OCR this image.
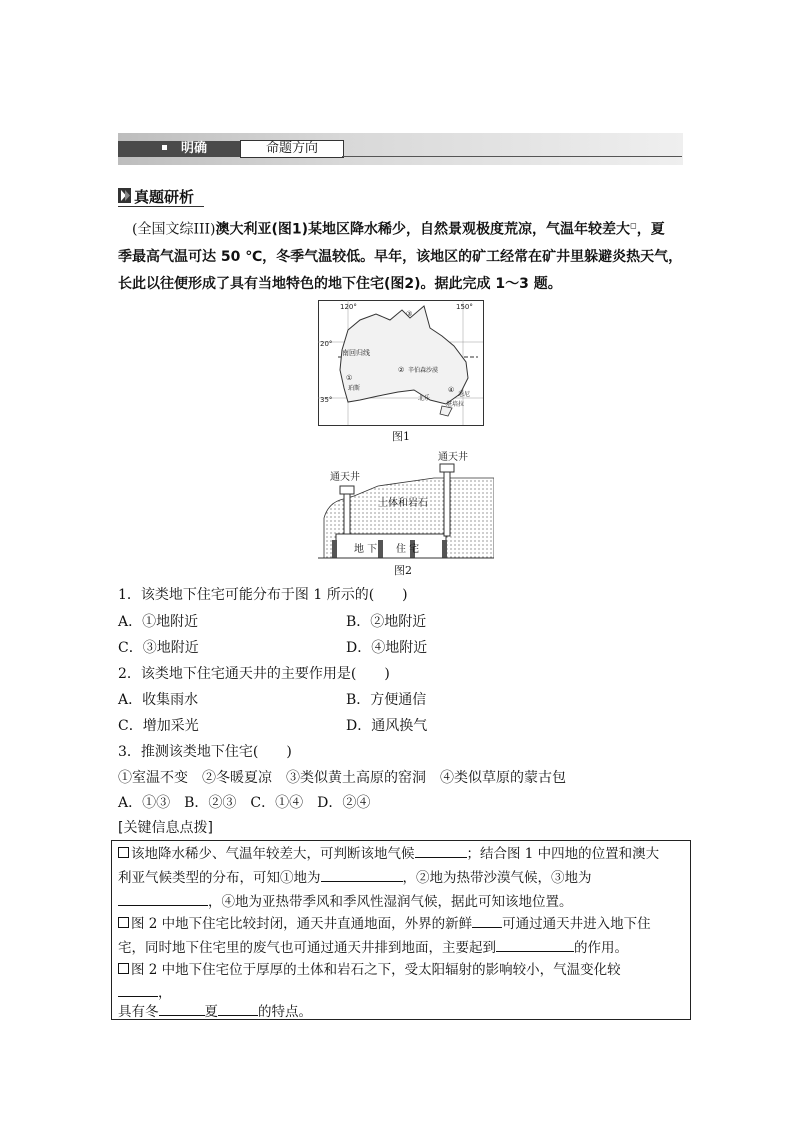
明确	命题方向
真题研析
(全国文综III)澳大利亚(图1)某地区降水稀少，自然景观极度荒凉，气温年较差大◻，夏
季最高气温可达 50 ℃，冬季气温较低。早年，该地区的矿工经常在矿井里躲避炎热天气，
长此以往便形成了具有当地特色的地下住宅(图2)。据此完成 1～3 题。
120°	150°
20°
35°
南回归线
③
② 辛伯森沙漠
①
珀斯	④
悉尼
堪培拉
北乐
图1
通天井
通天井
土体和岩石
地 下 住 宅
图2
1．该类地下住宅可能分布于图 1 所示的(　　)
A．①地附近	B．②地附近
C．③地附近	D．④地附近
2．该类地下住宅通天井的主要作用是(　　)
A．收集雨水	B．方便通信
C．增加采光	D．通风换气
3．推测该类地下住宅(　　)
①室温不变　②冬暖夏凉　③类似黄土高原的窑洞　④类似草原的蒙古包
A．①③　B．②③　C．①④　D．②④
[关键信息点拨]
该地降水稀少、气温年较差大，可判断该地气候	；结合图 1 中四地的位置和澳大
利亚气候类型的分布，可知①地为	，②地为热带沙漠气候，③地为
，④地为亚热带季风和季风性湿润气候，据此可知该地位置。
图 2 中地下住宅比较封闭，通天井直通地面，外界的新鲜 可通过通天井进入地下住
宅，同时地下住宅里的废气也可通过通天井排到地面，主要起到	的作用。
图 2 中地下住宅位于厚厚的土体和岩石之下，受太阳辐射的影响较小，气温变化较
，
具有冬	夏	的特点。
